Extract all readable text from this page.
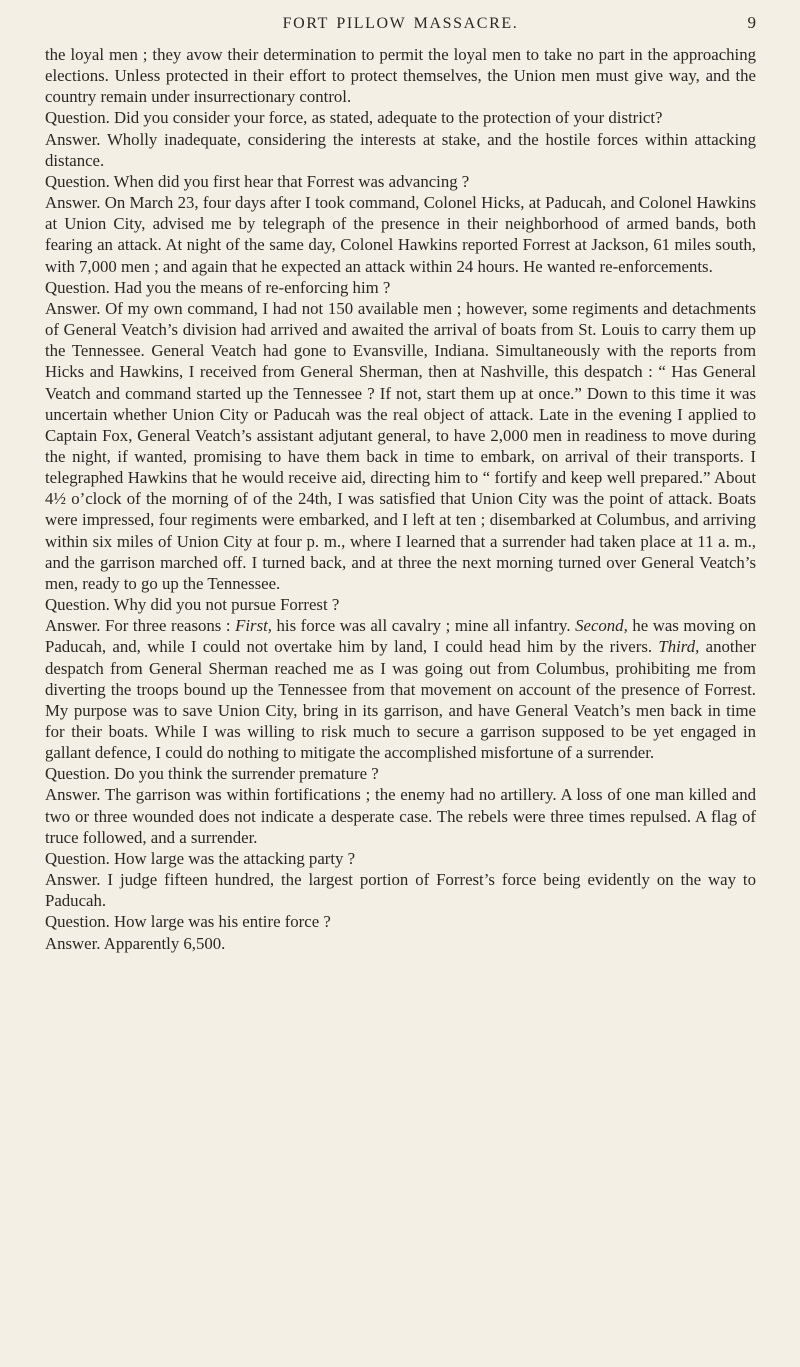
FORT PILLOW MASSACRE.	9

the loyal men ; they avow their determination to permit the loyal men to take no part in the approaching elections. Unless protected in their effort to protect themselves, the Union men must give way, and the country remain under insurrectionary control.

Question. Did you consider your force, as stated, adequate to the protection of your district?

Answer. Wholly inadequate, considering the interests at stake, and the hostile forces within attacking distance.

Question. When did you first hear that Forrest was advancing ?

Answer. On March 23, four days after I took command, Colonel Hicks, at Paducah, and Colonel Hawkins at Union City, advised me by telegraph of the presence in their neighborhood of armed bands, both fearing an attack. At night of the same day, Colonel Hawkins reported Forrest at Jackson, 61 miles south, with 7,000 men ; and again that he expected an attack within 24 hours. He wanted re-enforcements.

Question. Had you the means of re-enforcing him ?

Answer. Of my own command, I had not 150 available men ; however, some regiments and detachments of General Veatch’s division had arrived and awaited the arrival of boats from St. Louis to carry them up the Tennessee. General Veatch had gone to Evansville, Indiana. Simultaneously with the reports from Hicks and Hawkins, I received from General Sherman, then at Nashville, this despatch : “ Has General Veatch and command started up the Tennessee ? If not, start them up at once.” Down to this time it was uncertain whether Union City or Paducah was the real object of attack. Late in the evening I applied to Captain Fox, General Veatch’s assistant adjutant general, to have 2,000 men in readiness to move during the night, if wanted, promising to have them back in time to embark, on arrival of their transports. I telegraphed Hawkins that he would receive aid, directing him to “ fortify and keep well prepared.” About 4½ o’clock of the morning of of the 24th, I was satisfied that Union City was the point of attack. Boats were impressed, four regiments were embarked, and I left at ten ; disembarked at Columbus, and arriving within six miles of Union City at four p. m., where I learned that a surrender had taken place at 11 a. m., and the garrison marched off. I turned back, and at three the next morning turned over General Veatch’s men, ready to go up the Tennessee.

Question. Why did you not pursue Forrest ?

Answer. For three reasons : First, his force was all cavalry ; mine all infantry. Second, he was moving on Paducah, and, while I could not overtake him by land, I could head him by the rivers. Third, another despatch from General Sherman reached me as I was going out from Columbus, prohibiting me from diverting the troops bound up the Tennessee from that movement on account of the presence of Forrest. My purpose was to save Union City, bring in its garrison, and have General Veatch’s men back in time for their boats. While I was willing to risk much to secure a garrison supposed to be yet engaged in gallant defence, I could do nothing to mitigate the accomplished misfortune of a surrender.

Question. Do you think the surrender premature ?

Answer. The garrison was within fortifications ; the enemy had no artillery. A loss of one man killed and two or three wounded does not indicate a desperate case. The rebels were three times repulsed. A flag of truce followed, and a surrender.

Question. How large was the attacking party ?

Answer. I judge fifteen hundred, the largest portion of Forrest’s force being evidently on the way to Paducah.

Question. How large was his entire force ?

Answer. Apparently 6,500.
